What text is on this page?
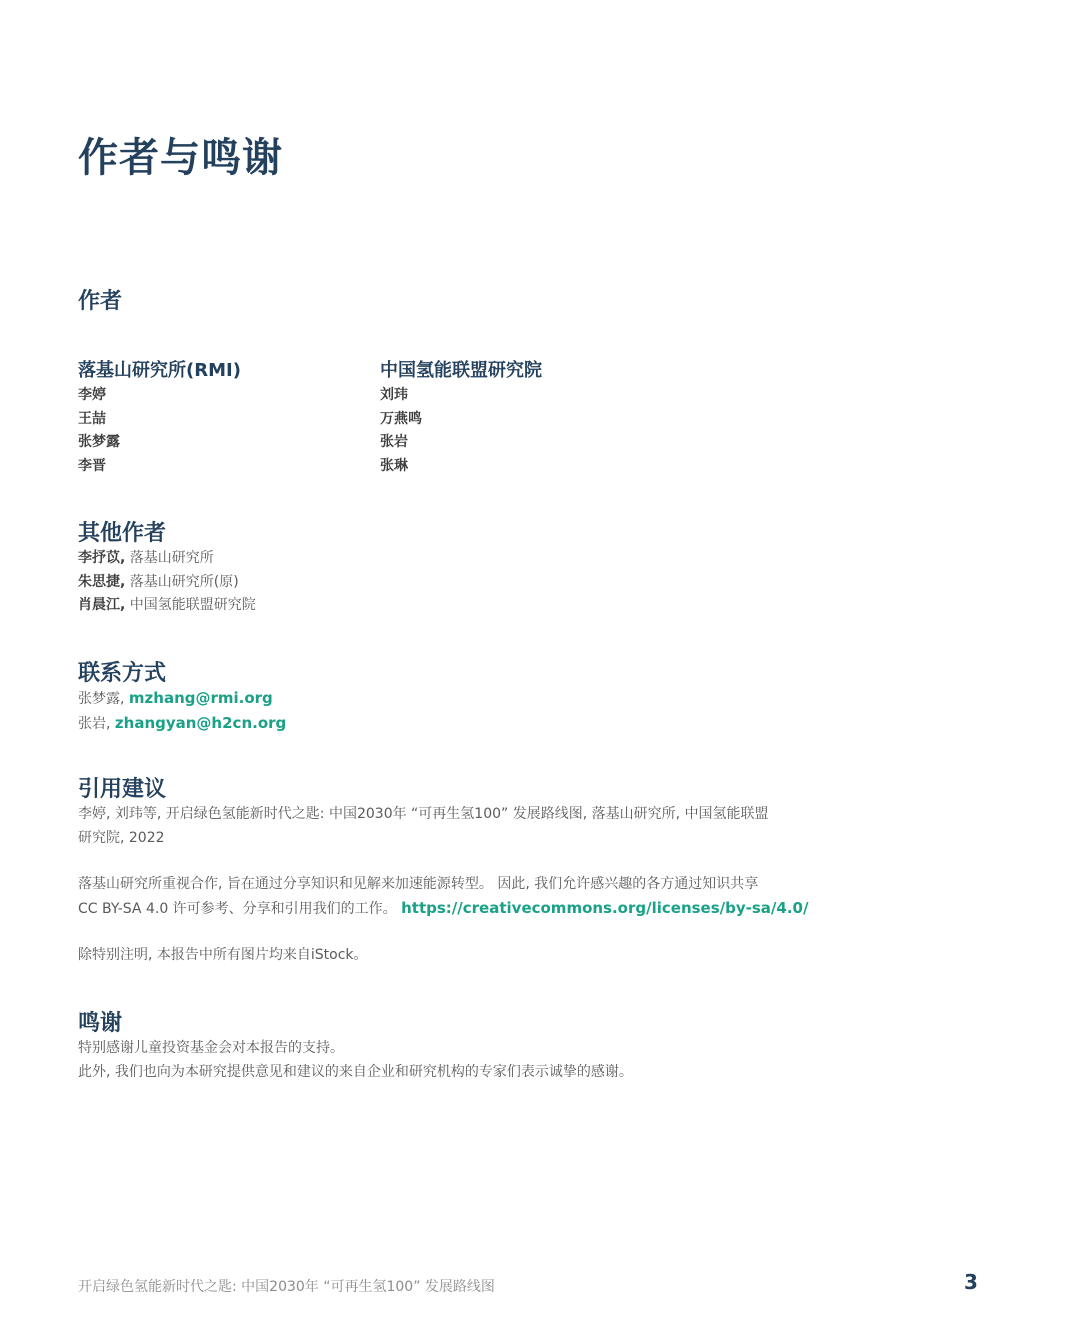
作者与鸣谢
作者
落基山研究所(RMI)
李婷
王喆
张梦露
李晋
中国氢能联盟研究院
刘玮
万燕鸣
张岩
张琳
其他作者
李抒苡, 落基山研究所
朱思捷, 落基山研究所(原)
肖晨江, 中国氢能联盟研究院
联系方式
张梦露, mzhang@rmi.org
张岩, zhangyan@h2cn.org
引用建议
李婷, 刘玮等, 开启绿色氢能新时代之匙: 中国2030年 “可再生氢100” 发展路线图, 落基山研究所, 中国氢能联盟
研究院, 2022
落基山研究所重视合作, 旨在通过分享知识和见解来加速能源转型。 因此, 我们允许感兴趣的各方通过知识共享
CC BY-SA 4.0 许可参考、分享和引用我们的工作。 https://creativecommons.org/licenses/by-sa/4.0/
除特别注明, 本报告中所有图片均来自iStock。
鸣谢
特别感谢儿童投资基金会对本报告的支持。
此外, 我们也向为本研究提供意见和建议的来自企业和研究机构的专家们表示诚挚的感谢。
开启绿色氢能新时代之匙: 中国2030年 “可再生氢100” 发展路线图	3
